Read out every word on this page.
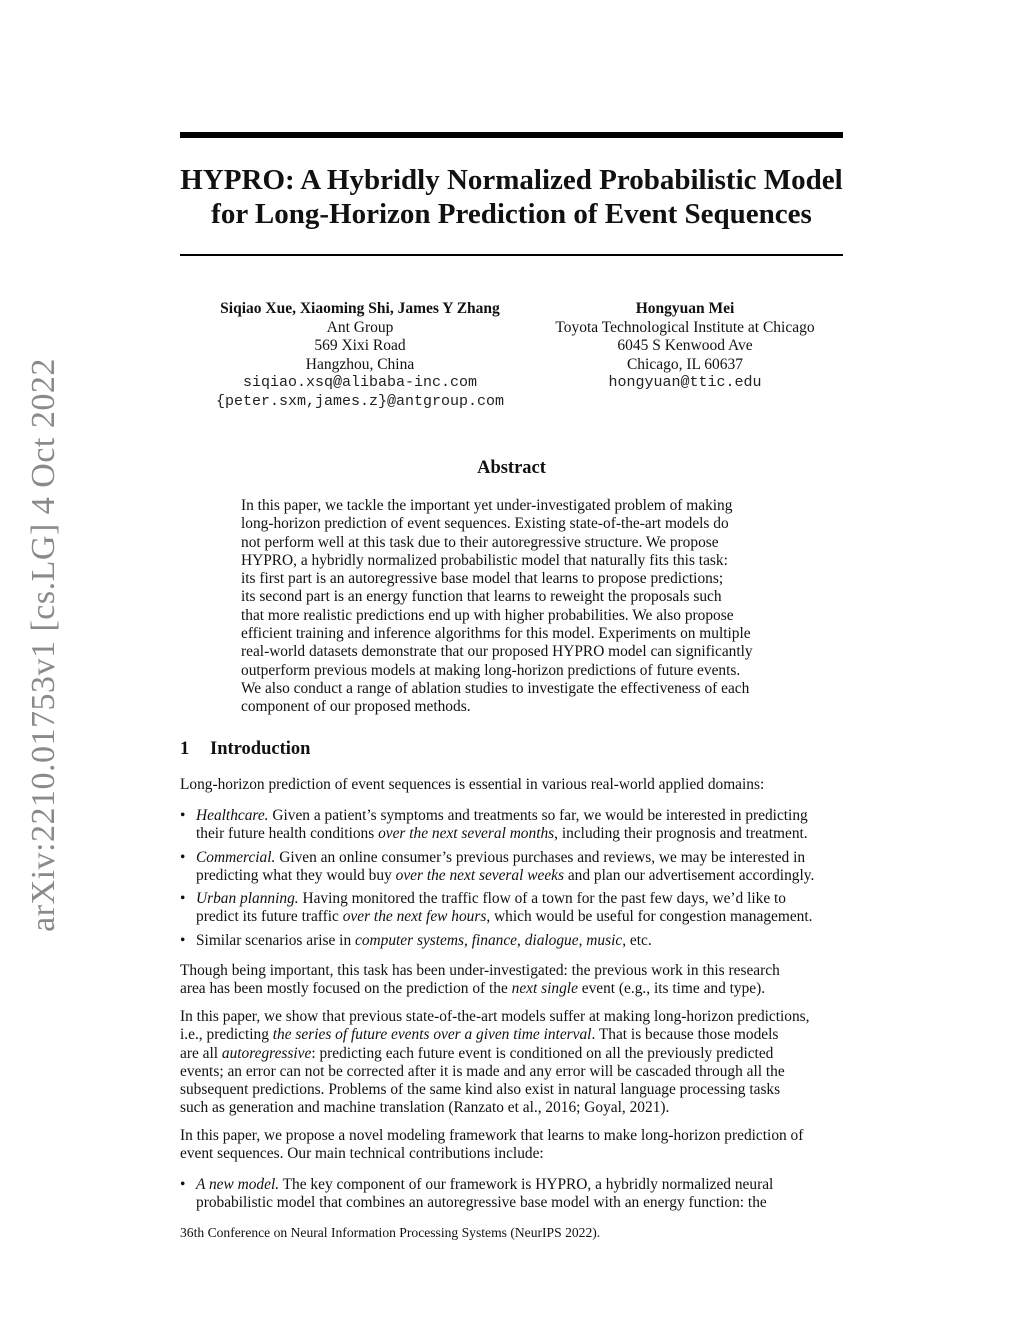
arXiv:2210.01753v1 [cs.LG] 4 Oct 2022
HYPRO: A Hybridly Normalized Probabilistic Model
for Long-Horizon Prediction of Event Sequences
Siqiao Xue, Xiaoming Shi, James Y Zhang
Ant Group
569 Xixi Road
Hangzhou, China
siqiao.xsq@alibaba-inc.com
{peter.sxm,james.z}@antgroup.com
Hongyuan Mei
Toyota Technological Institute at Chicago
6045 S Kenwood Ave
Chicago, IL 60637
hongyuan@ttic.edu
Abstract
In this paper, we tackle the important yet under-investigated problem of making
long-horizon prediction of event sequences. Existing state-of-the-art models do
not perform well at this task due to their autoregressive structure. We propose
HYPRO, a hybridly normalized probabilistic model that naturally fits this task:
its first part is an autoregressive base model that learns to propose predictions;
its second part is an energy function that learns to reweight the proposals such
that more realistic predictions end up with higher probabilities. We also propose
efficient training and inference algorithms for this model. Experiments on multiple
real-world datasets demonstrate that our proposed HYPRO model can significantly
outperform previous models at making long-horizon predictions of future events.
We also conduct a range of ablation studies to investigate the effectiveness of each
component of our proposed methods.
1 Introduction
Long-horizon prediction of event sequences is essential in various real-world applied domains:
• Healthcare. Given a patient’s symptoms and treatments so far, we would be interested in predicting
their future health conditions over the next several months, including their prognosis and treatment.
• Commercial. Given an online consumer’s previous purchases and reviews, we may be interested in
predicting what they would buy over the next several weeks and plan our advertisement accordingly.
• Urban planning. Having monitored the traffic flow of a town for the past few days, we’d like to
predict its future traffic over the next few hours, which would be useful for congestion management.
• Similar scenarios arise in computer systems, finance, dialogue, music, etc.
Though being important, this task has been under-investigated: the previous work in this research
area has been mostly focused on the prediction of the next single event (e.g., its time and type).
In this paper, we show that previous state-of-the-art models suffer at making long-horizon predictions,
i.e., predicting the series of future events over a given time interval. That is because those models
are all autoregressive: predicting each future event is conditioned on all the previously predicted
events; an error can not be corrected after it is made and any error will be cascaded through all the
subsequent predictions. Problems of the same kind also exist in natural language processing tasks
such as generation and machine translation (Ranzato et al., 2016; Goyal, 2021).
In this paper, we propose a novel modeling framework that learns to make long-horizon prediction of
event sequences. Our main technical contributions include:
• A new model. The key component of our framework is HYPRO, a hybridly normalized neural
probabilistic model that combines an autoregressive base model with an energy function: the
36th Conference on Neural Information Processing Systems (NeurIPS 2022).
